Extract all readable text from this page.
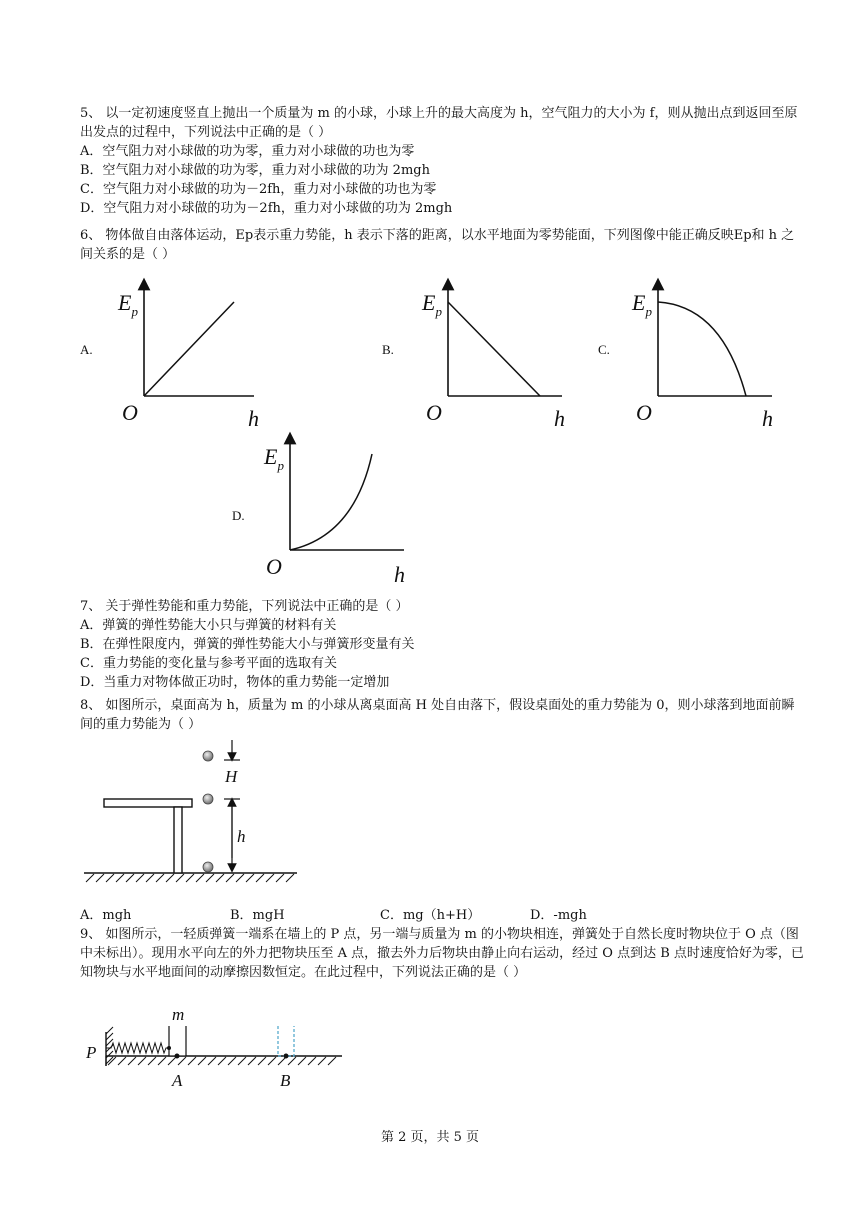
5、 以一定初速度竖直上抛出一个质量为 m 的小球，小球上升的最大高度为 h，空气阻力的大小为 f，则从抛出点到返回至原出发点的过程中，下列说法中正确的是（ ）
A．空气阻力对小球做的功为零，重力对小球做的功也为零
B．空气阻力对小球做的功为零，重力对小球做的功为 2mgh
C．空气阻力对小球做的功为－2fh，重力对小球做的功也为零
D．空气阻力对小球做的功为－2fh，重力对小球做的功为 2mgh
6、 物体做自由落体运动，Ep表示重力势能，h 表示下落的距离，以水平地面为零势能面，下列图像中能正确反映Ep和 h 之间关系的是（ ）
A.	B.	C.
D.
$E_p$
O	h
$E_p$
O	h
$E_p$
O	h
$E_p$
O	h
7、 关于弹性势能和重力势能，下列说法中正确的是（ ）
A．弹簧的弹性势能大小只与弹簧的材料有关
B．在弹性限度内，弹簧的弹性势能大小与弹簧形变量有关
C．重力势能的变化量与参考平面的选取有关
D．当重力对物体做正功时，物体的重力势能一定增加
8、 如图所示，桌面高为 h，质量为 m 的小球从离桌面高 H 处自由落下，假设桌面处的重力势能为 0，则小球落到地面前瞬间的重力势能为（ ）
H
h
A．mgh	B．mgH	C．mg（h+H）	D．-mgh
9、 如图所示，一轻质弹簧一端系在墙上的 P 点，另一端与质量为 m 的小物块相连，弹簧处于自然长度时物块位于 O 点（图中未标出）。现用水平向左的外力把物块压至 A 点，撤去外力后物块由静止向右运动，经过 O 点到达 B 点时速度恰好为零，已知物块与水平地面间的动摩擦因数恒定。在此过程中，下列说法正确的是（ ）
P
A	B
m
第 2 页，共 5 页
